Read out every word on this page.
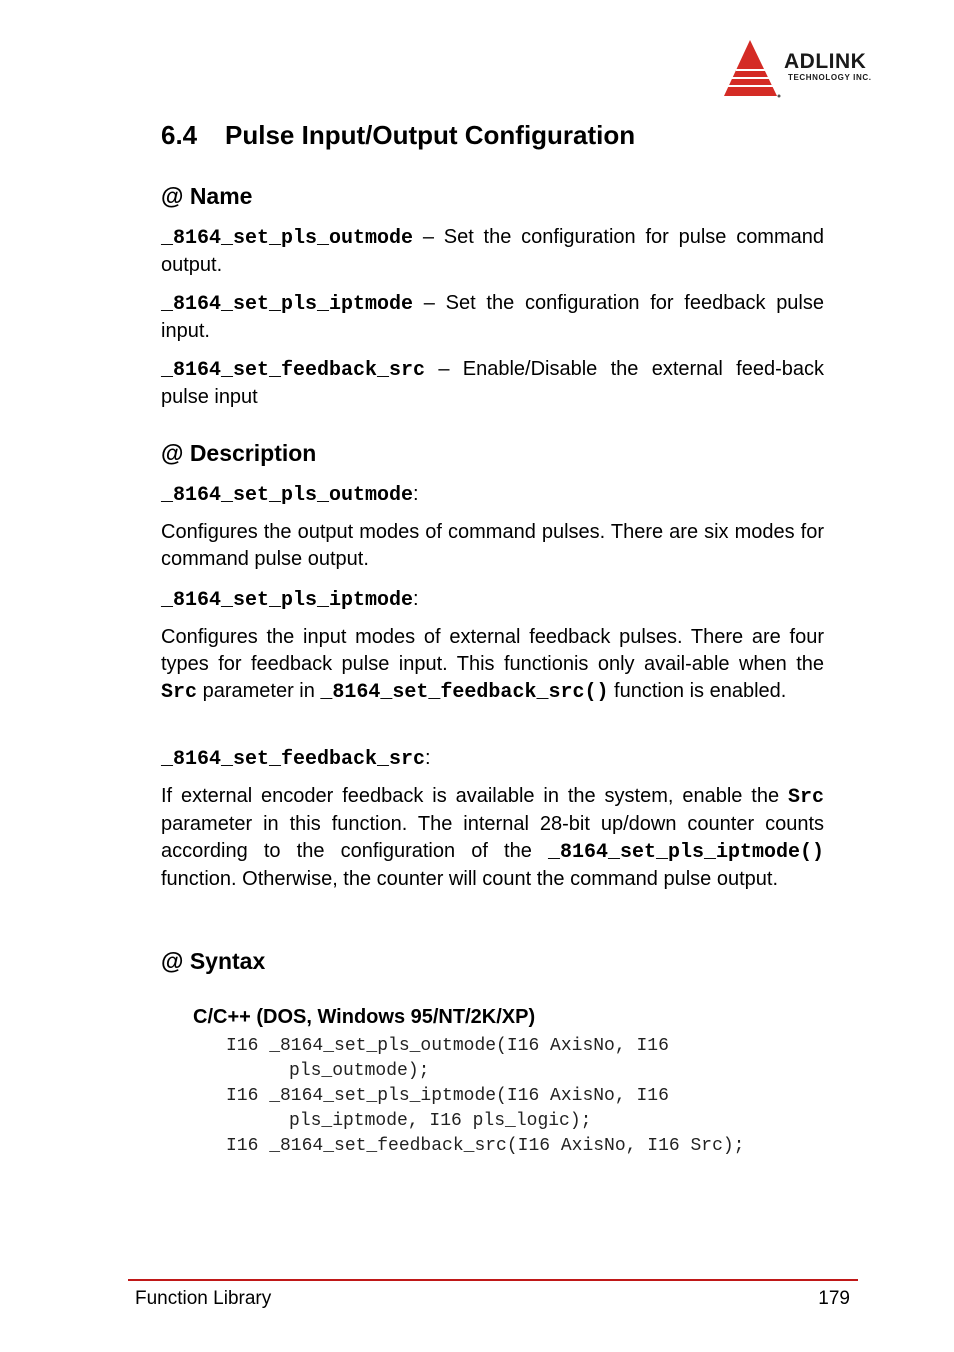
ADLINK
TECHNOLOGY INC.
6.4 Pulse Input/Output Configuration
@ Name
_8164_set_pls_outmode – Set the configuration for pulse command output.
_8164_set_pls_iptmode – Set the configuration for feedback pulse input.
_8164_set_feedback_src – Enable/Disable the external feed-back pulse input
@ Description
_8164_set_pls_outmode:
Configures the output modes of command pulses. There are six modes for command pulse output.
_8164_set_pls_iptmode:
Configures the input modes of external feedback pulses. There are four types for feedback pulse input. This functionis only avail-able when the Src parameter in _8164_set_feedback_src() function is enabled.
_8164_set_feedback_src:
If external encoder feedback is available in the system, enable the Src parameter in this function. The internal 28-bit up/down counter counts according to the configuration of the _8164_set_pls_iptmode() function. Otherwise, the counter will count the command pulse output.
@ Syntax
C/C++ (DOS, Windows 95/NT/2K/XP)
I16 _8164_set_pls_outmode(I16 AxisNo, I16
pls_outmode);
I16 _8164_set_pls_iptmode(I16 AxisNo, I16
pls_iptmode, I16 pls_logic);
I16 _8164_set_feedback_src(I16 AxisNo, I16 Src);
Function Library	179
